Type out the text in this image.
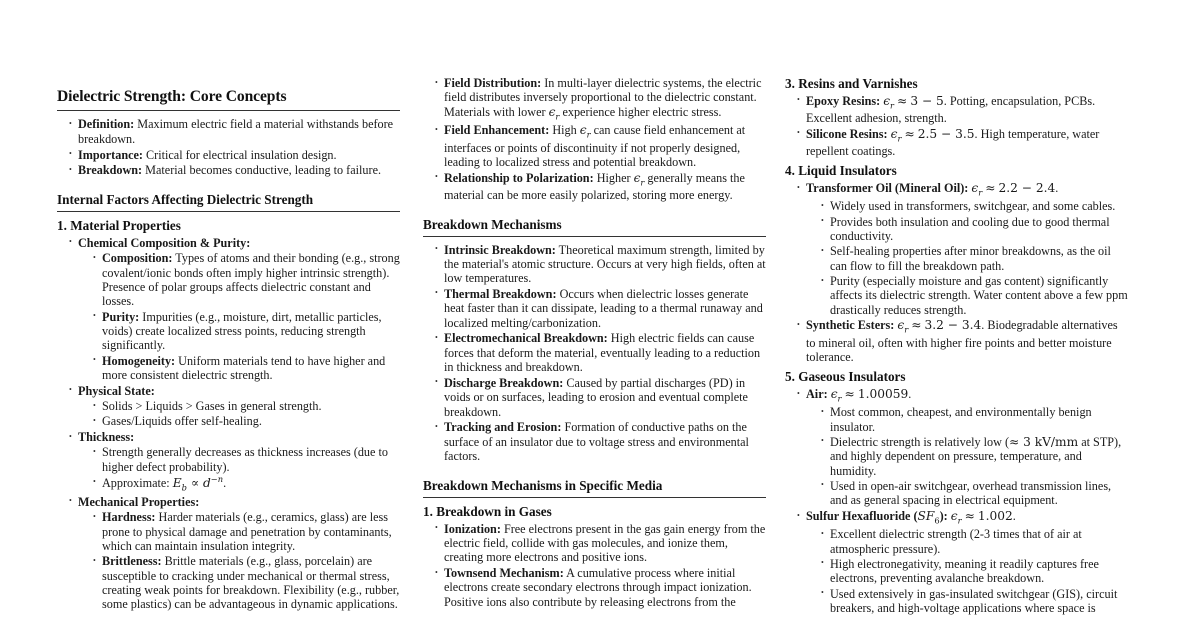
Dielectric Strength: Core Concepts
• Definition: Maximum electric field a material withstands before breakdown.
• Importance: Critical for electrical insulation design.
• Breakdown: Material becomes conductive, leading to failure.
Internal Factors Affecting Dielectric Strength
1. Material Properties
• Chemical Composition & Purity:
• Composition: Types of atoms and their bonding (e.g., strong covalent/ionic bonds often imply higher intrinsic strength). Presence of polar groups affects dielectric constant and losses.
• Purity: Impurities (e.g., moisture, dirt, metallic particles, voids) create localized stress points, reducing strength significantly.
• Homogeneity: Uniform materials tend to have higher and more consistent dielectric strength.
• Physical State:
• Solids > Liquids > Gases in general strength.
• Gases/Liquids offer self-healing.
• Thickness:
• Strength generally decreases as thickness increases (due to higher defect probability).
• Approximate: $E_b \propto d^{-n}$.
• Mechanical Properties:
• Hardness: Harder materials (e.g., ceramics, glass) are less prone to physical damage and penetration by contaminants, which can maintain insulation integrity.
• Brittleness: Brittle materials (e.g., glass, porcelain) are susceptible to cracking under mechanical or thermal stress, creating weak points for breakdown. Flexibility (e.g., rubber, some plastics) can be advantageous in dynamic applications.
• Field Distribution: In multi-layer dielectric systems, the electric field distributes inversely proportional to the dielectric constant. Materials with lower $\epsilon_r$ experience higher electric stress.
• Field Enhancement: High $\epsilon_r$ can cause field enhancement at interfaces or points of discontinuity if not properly designed, leading to localized stress and potential breakdown.
• Relationship to Polarization: Higher $\epsilon_r$ generally means the material can be more easily polarized, storing more energy.
Breakdown Mechanisms
• Intrinsic Breakdown: Theoretical maximum strength, limited by the material's atomic structure. Occurs at very high fields, often at low temperatures.
• Thermal Breakdown: Occurs when dielectric losses generate heat faster than it can dissipate, leading to a thermal runaway and localized melting/carbonization.
• Electromechanical Breakdown: High electric fields can cause forces that deform the material, eventually leading to a reduction in thickness and breakdown.
• Discharge Breakdown: Caused by partial discharges (PD) in voids or on surfaces, leading to erosion and eventual complete breakdown.
• Tracking and Erosion: Formation of conductive paths on the surface of an insulator due to voltage stress and environmental factors.
Breakdown Mechanisms in Specific Media
1. Breakdown in Gases
• Ionization: Free electrons present in the gas gain energy from the electric field, collide with gas molecules, and ionize them, creating more electrons and positive ions.
• Townsend Mechanism: A cumulative process where initial electrons create secondary electrons through impact ionization. Positive ions also contribute by releasing electrons from the
3. Resins and Varnishes
• Epoxy Resins: $\epsilon_r \approx 3 - 5$. Potting, encapsulation, PCBs. Excellent adhesion, strength.
• Silicone Resins: $\epsilon_r \approx 2.5 - 3.5$. High temperature, water repellent coatings.
4. Liquid Insulators
• Transformer Oil (Mineral Oil): $\epsilon_r \approx 2.2 - 2.4$.
• Widely used in transformers, switchgear, and some cables.
• Provides both insulation and cooling due to good thermal conductivity.
• Self-healing properties after minor breakdowns, as the oil can flow to fill the breakdown path.
• Purity (especially moisture and gas content) significantly affects its dielectric strength. Water content above a few ppm drastically reduces strength.
• Synthetic Esters: $\epsilon_r \approx 3.2 - 3.4$. Biodegradable alternatives to mineral oil, often with higher fire points and better moisture tolerance.
5. Gaseous Insulators
• Air: $\epsilon_r \approx 1.00059$.
• Most common, cheapest, and environmentally benign insulator.
• Dielectric strength is relatively low (≈ 3 kV/mm at STP), and highly dependent on pressure, temperature, and humidity.
• Used in open-air switchgear, overhead transmission lines, and as general spacing in electrical equipment.
• Sulfur Hexafluoride $(SF_6)$: $\epsilon_r \approx 1.002$.
• Excellent dielectric strength (2-3 times that of air at atmospheric pressure).
• High electronegativity, meaning it readily captures free electrons, preventing avalanche breakdown.
• Used extensively in gas-insulated switchgear (GIS), circuit breakers, and high-voltage applications where space is
